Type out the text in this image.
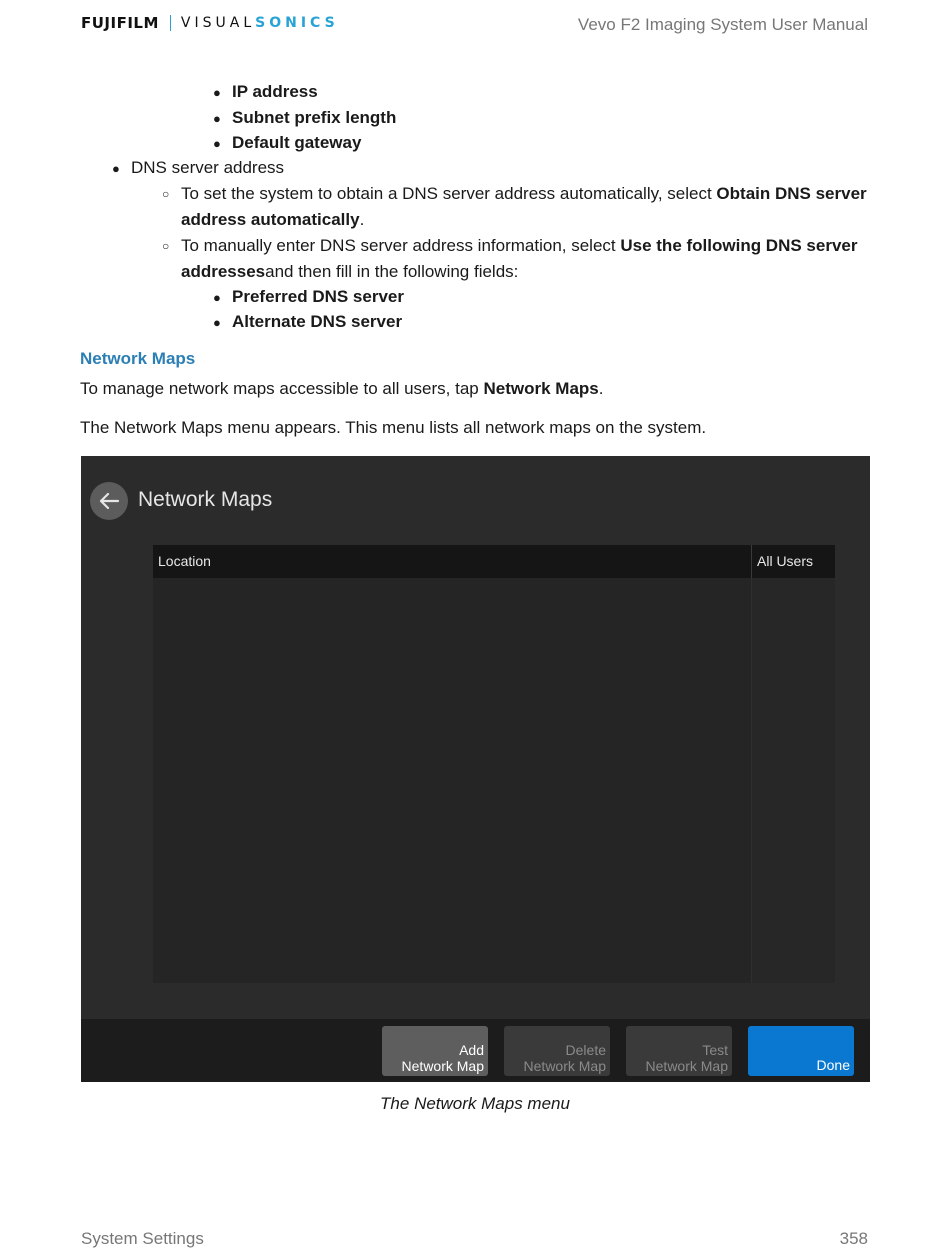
FUJIFILM VISUAL SONICS	Vevo F2 Imaging System User Manual
● IP address
● Subnet prefix length
● Default gateway
● DNS server address
○ To set the system to obtain a DNS server address automatically, select Obtain DNS server
address automatically.
○ To manually enter DNS server address information, select Use the following DNS server
addressesand then fill in the following fields:
● Preferred DNS server
● Alternate DNS server
Network Maps
To manage network maps accessible to all users, tap Network Maps.
The Network Maps menu appears. This menu lists all network maps on the system.
Network Maps
Location	All Users
Add
Network Map
Delete
Network Map
Test
Network Map	Done
The Network Maps menu
System Settings	358
